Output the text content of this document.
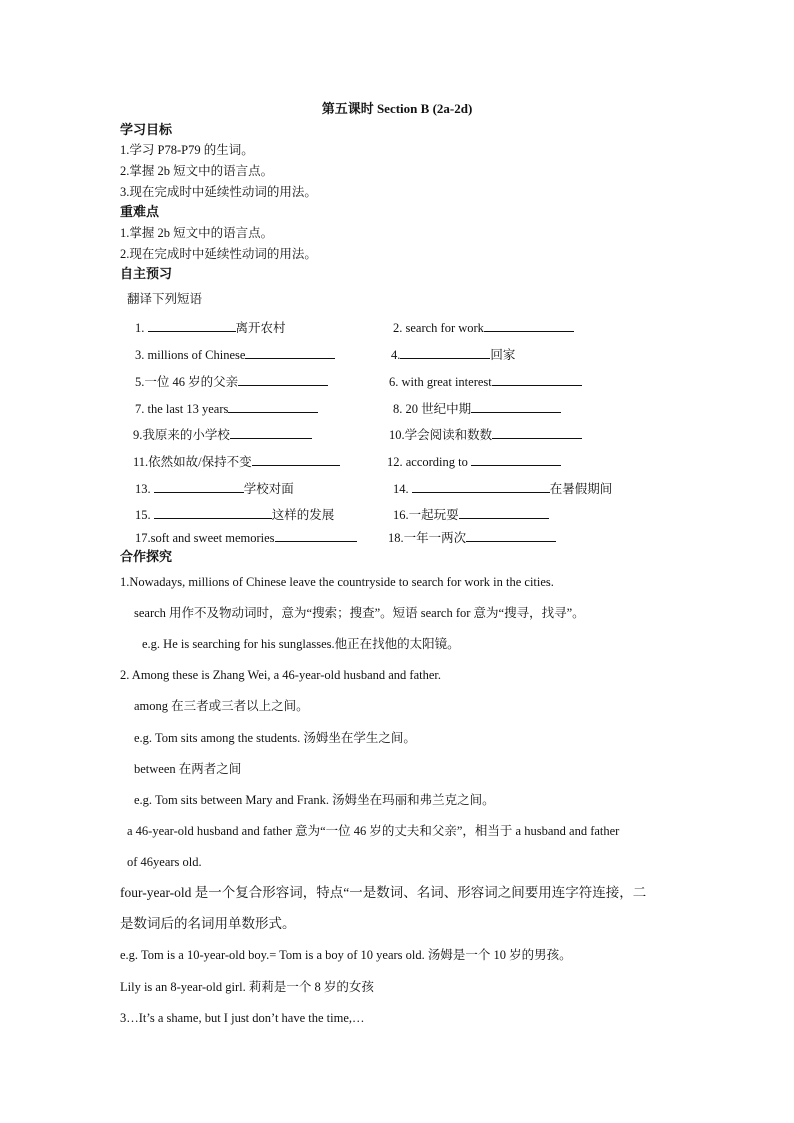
第五课时 Section B (2a-2d)
学习目标
1.学习 P78-P79 的生词。
2.掌握 2b 短文中的语言点。
3.现在完成时中延续性动词的用法。
重难点
1.掌握 2b 短文中的语言点。
2.现在完成时中延续性动词的用法。
自主预习
翻译下列短语
1.	离开农村	2. search for work
3. millions of Chinese	4.	回家
5.一位 46 岁的父亲	6. with great interest
7. the last 13 years	8. 20 世纪中期
9.我原来的小学校	10.学会阅读和数数
11.依然如故/保持不变	12. according to
13.	学校对面	14.	在暑假期间
15.	这样的发展	16.一起玩耍
17.soft and sweet memories	18.一年一两次
合作探究
1.Nowadays, millions of Chinese leave the countryside to search for work in the cities.
search 用作不及物动词时，意为“搜索；搜查”。短语 search for 意为“搜寻，找寻”。
e.g. He is searching for his sunglasses.他正在找他的太阳镜。
2. Among these is Zhang Wei, a 46-year-old husband and father.
among 在三者或三者以上之间。
e.g. Tom sits among the students. 汤姆坐在学生之间。
between 在两者之间
e.g. Tom sits between Mary and Frank. 汤姆坐在玛丽和弗兰克之间。
a 46-year-old husband and father 意为“一位 46 岁的丈夫和父亲”，相当于 a husband and father
of 46years old.
four-year-old 是一个复合形容词，特点“一是数词、名词、形容词之间要用连字符连接，二
是数词后的名词用单数形式。
e.g. Tom is a 10-year-old boy.= Tom is a boy of 10 years old. 汤姆是一个 10 岁的男孩。
Lily is an 8-year-old girl. 莉莉是一个 8 岁的女孩
3…It’s a shame, but I just don’t have the time,…
